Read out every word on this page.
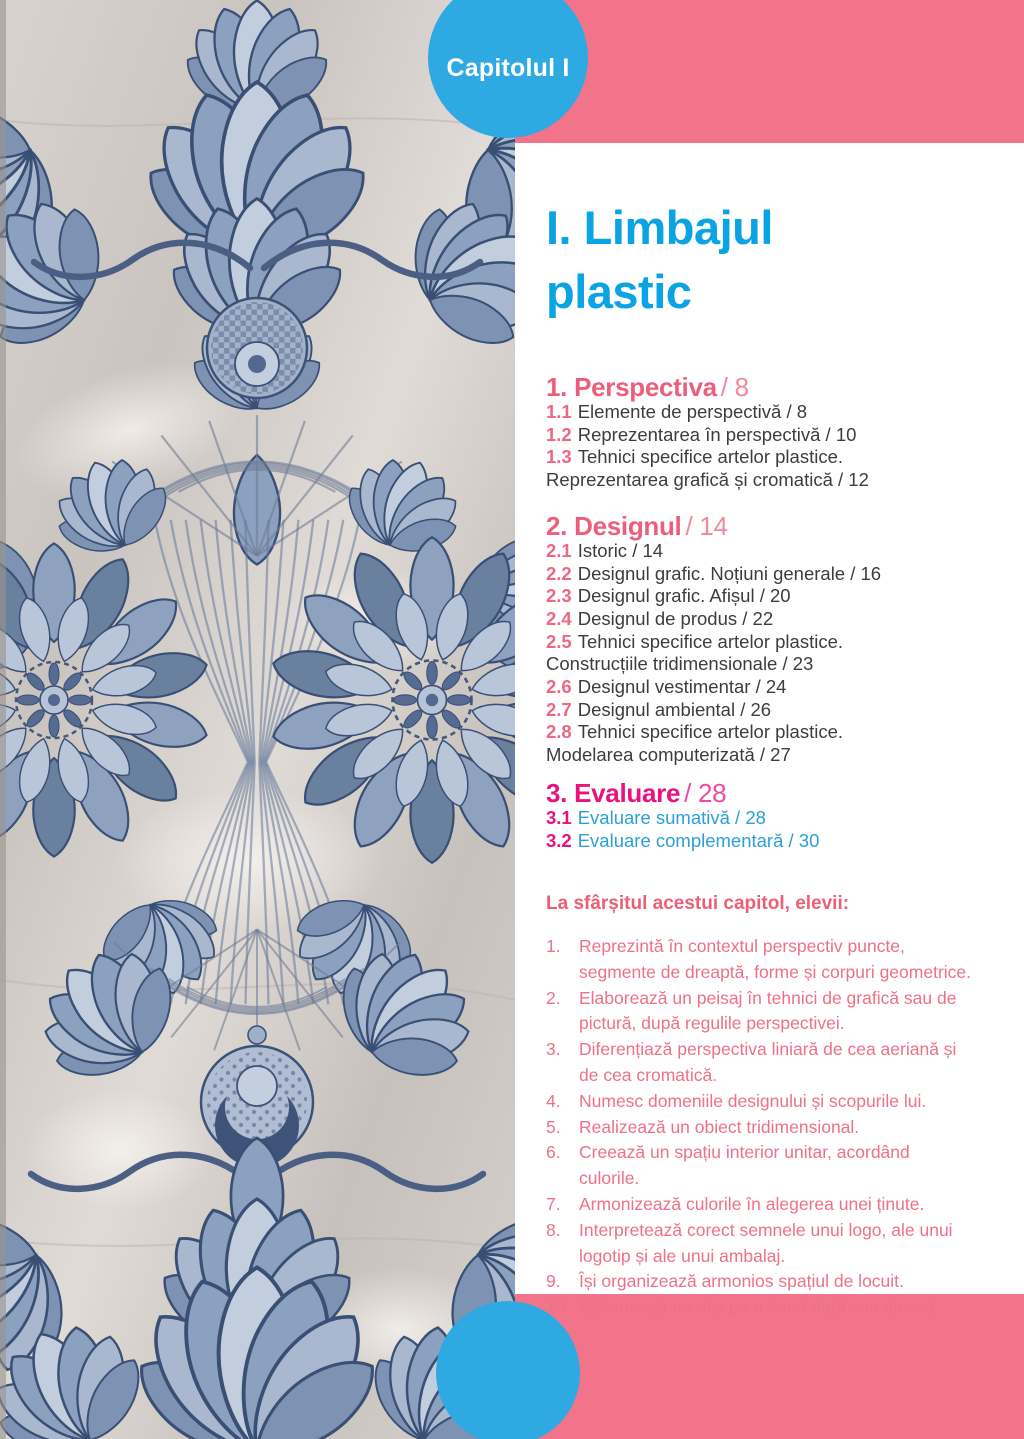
Capitolul I
I. Limbajul
plastic
1. Perspectiva / 8
1.1 Elemente de perspectivă / 8
1.2 Reprezentarea în perspectivă / 10
1.3 Tehnici specifice artelor plastice.
Reprezentarea grafică și cromatică / 12
2. Designul / 14
2.1 Istoric / 14
2.2 Designul grafic. Noțiuni generale / 16
2.3 Designul grafic. Afișul / 20
2.4 Designul de produs / 22
2.5 Tehnici specifice artelor plastice.
Construcțiile tridimensionale / 23
2.6 Designul vestimentar / 24
2.7 Designul ambiental / 26
2.8 Tehnici specifice artelor plastice.
Modelarea computerizată / 27
3. Evaluare / 28
3.1 Evaluare sumativă / 28
3.2 Evaluare complementară / 30
La sfârșitul acestui capitol, elevii:
1.	Reprezintă în contextul perspectiv puncte, segmente de dreaptă, forme și corpuri geometrice.
2.	Elaborează un peisaj în tehnici de grafică sau de pictură, după regulile perspectivei.
3.	Diferențiază perspectiva liniară de cea aeriană și de cea cromatică.
4.	Numesc domeniile designului și scopurile lui.
5.	Realizează un obiect tridimensional.
6.	Creează un spațiu interior unitar, acordând culorile.
7.	Armonizează culorile în alegerea unei ținute.
8.	Interpretează corect semnele unui logo, ale unui logotip și ale unui ambalaj.
9.	Își organizează armonios spațiul de locuit.
10. Elaborează un afiș pe o temă dată sau aleasă.
